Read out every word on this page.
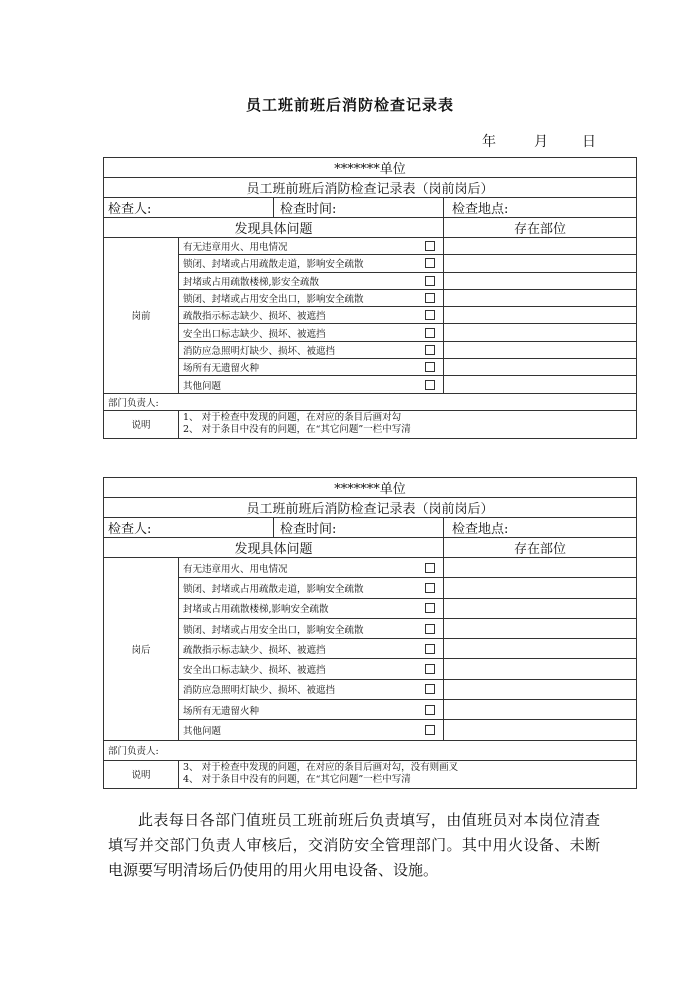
员工班前班后消防检查记录表
年	月 日
*******单位			
员工班前班后消防检查记录表（岗前岗后）			
检查人:		检查时间:	检查地点:
发现具体问题			存在部位
岗前	有无违章用火、用电情况	

	锁闭、封堵或占用疏散走道，影响安全疏散	

	封堵或占用疏散楼梯,影安全疏散	

	锁闭、封堵或占用安全出口，影响安全疏散	

	疏散指示标志缺少、损坏、被遮挡	

	安全出口标志缺少、损坏、被遮挡	

	消防应急照明灯缺少、损坏、被遮挡	

	场所有无遗留火种	

	其他问题	

部门负责人:			
说明	1、 对于检查中发现的问题，在对应的条目后画对勾
2、 对于条目中没有的问题，在“其它问题”一栏中写清		
*******单位			
员工班前班后消防检查记录表（岗前岗后）			
检查人:		检查时间:	检查地点:
发现具体问题			存在部位
岗后	有无违章用火、用电情况	

	锁闭、封堵或占用疏散走道，影响安全疏散	

	封堵或占用疏散楼梯,影响安全疏散	

	锁闭、封堵或占用安全出口，影响安全疏散	

	疏散指示标志缺少、损坏、被遮挡	

	安全出口标志缺少、损坏、被遮挡	

	消防应急照明灯缺少、损坏、被遮挡	

	场所有无遗留火种	

	其他问题	

部门负责人:			
说明	3、 对于检查中发现的问题，在对应的条目后画对勾，没有则画叉
4、 对于条目中没有的问题，在“其它问题”一栏中写清		
此表每日各部门值班员工班前班后负责填写，由值班员对本岗位清查填写并交部门负责人审核后，交消防安全管理部门。其中用火设备、未断电源要写明清场后仍使用的用火用电设备、设施。
